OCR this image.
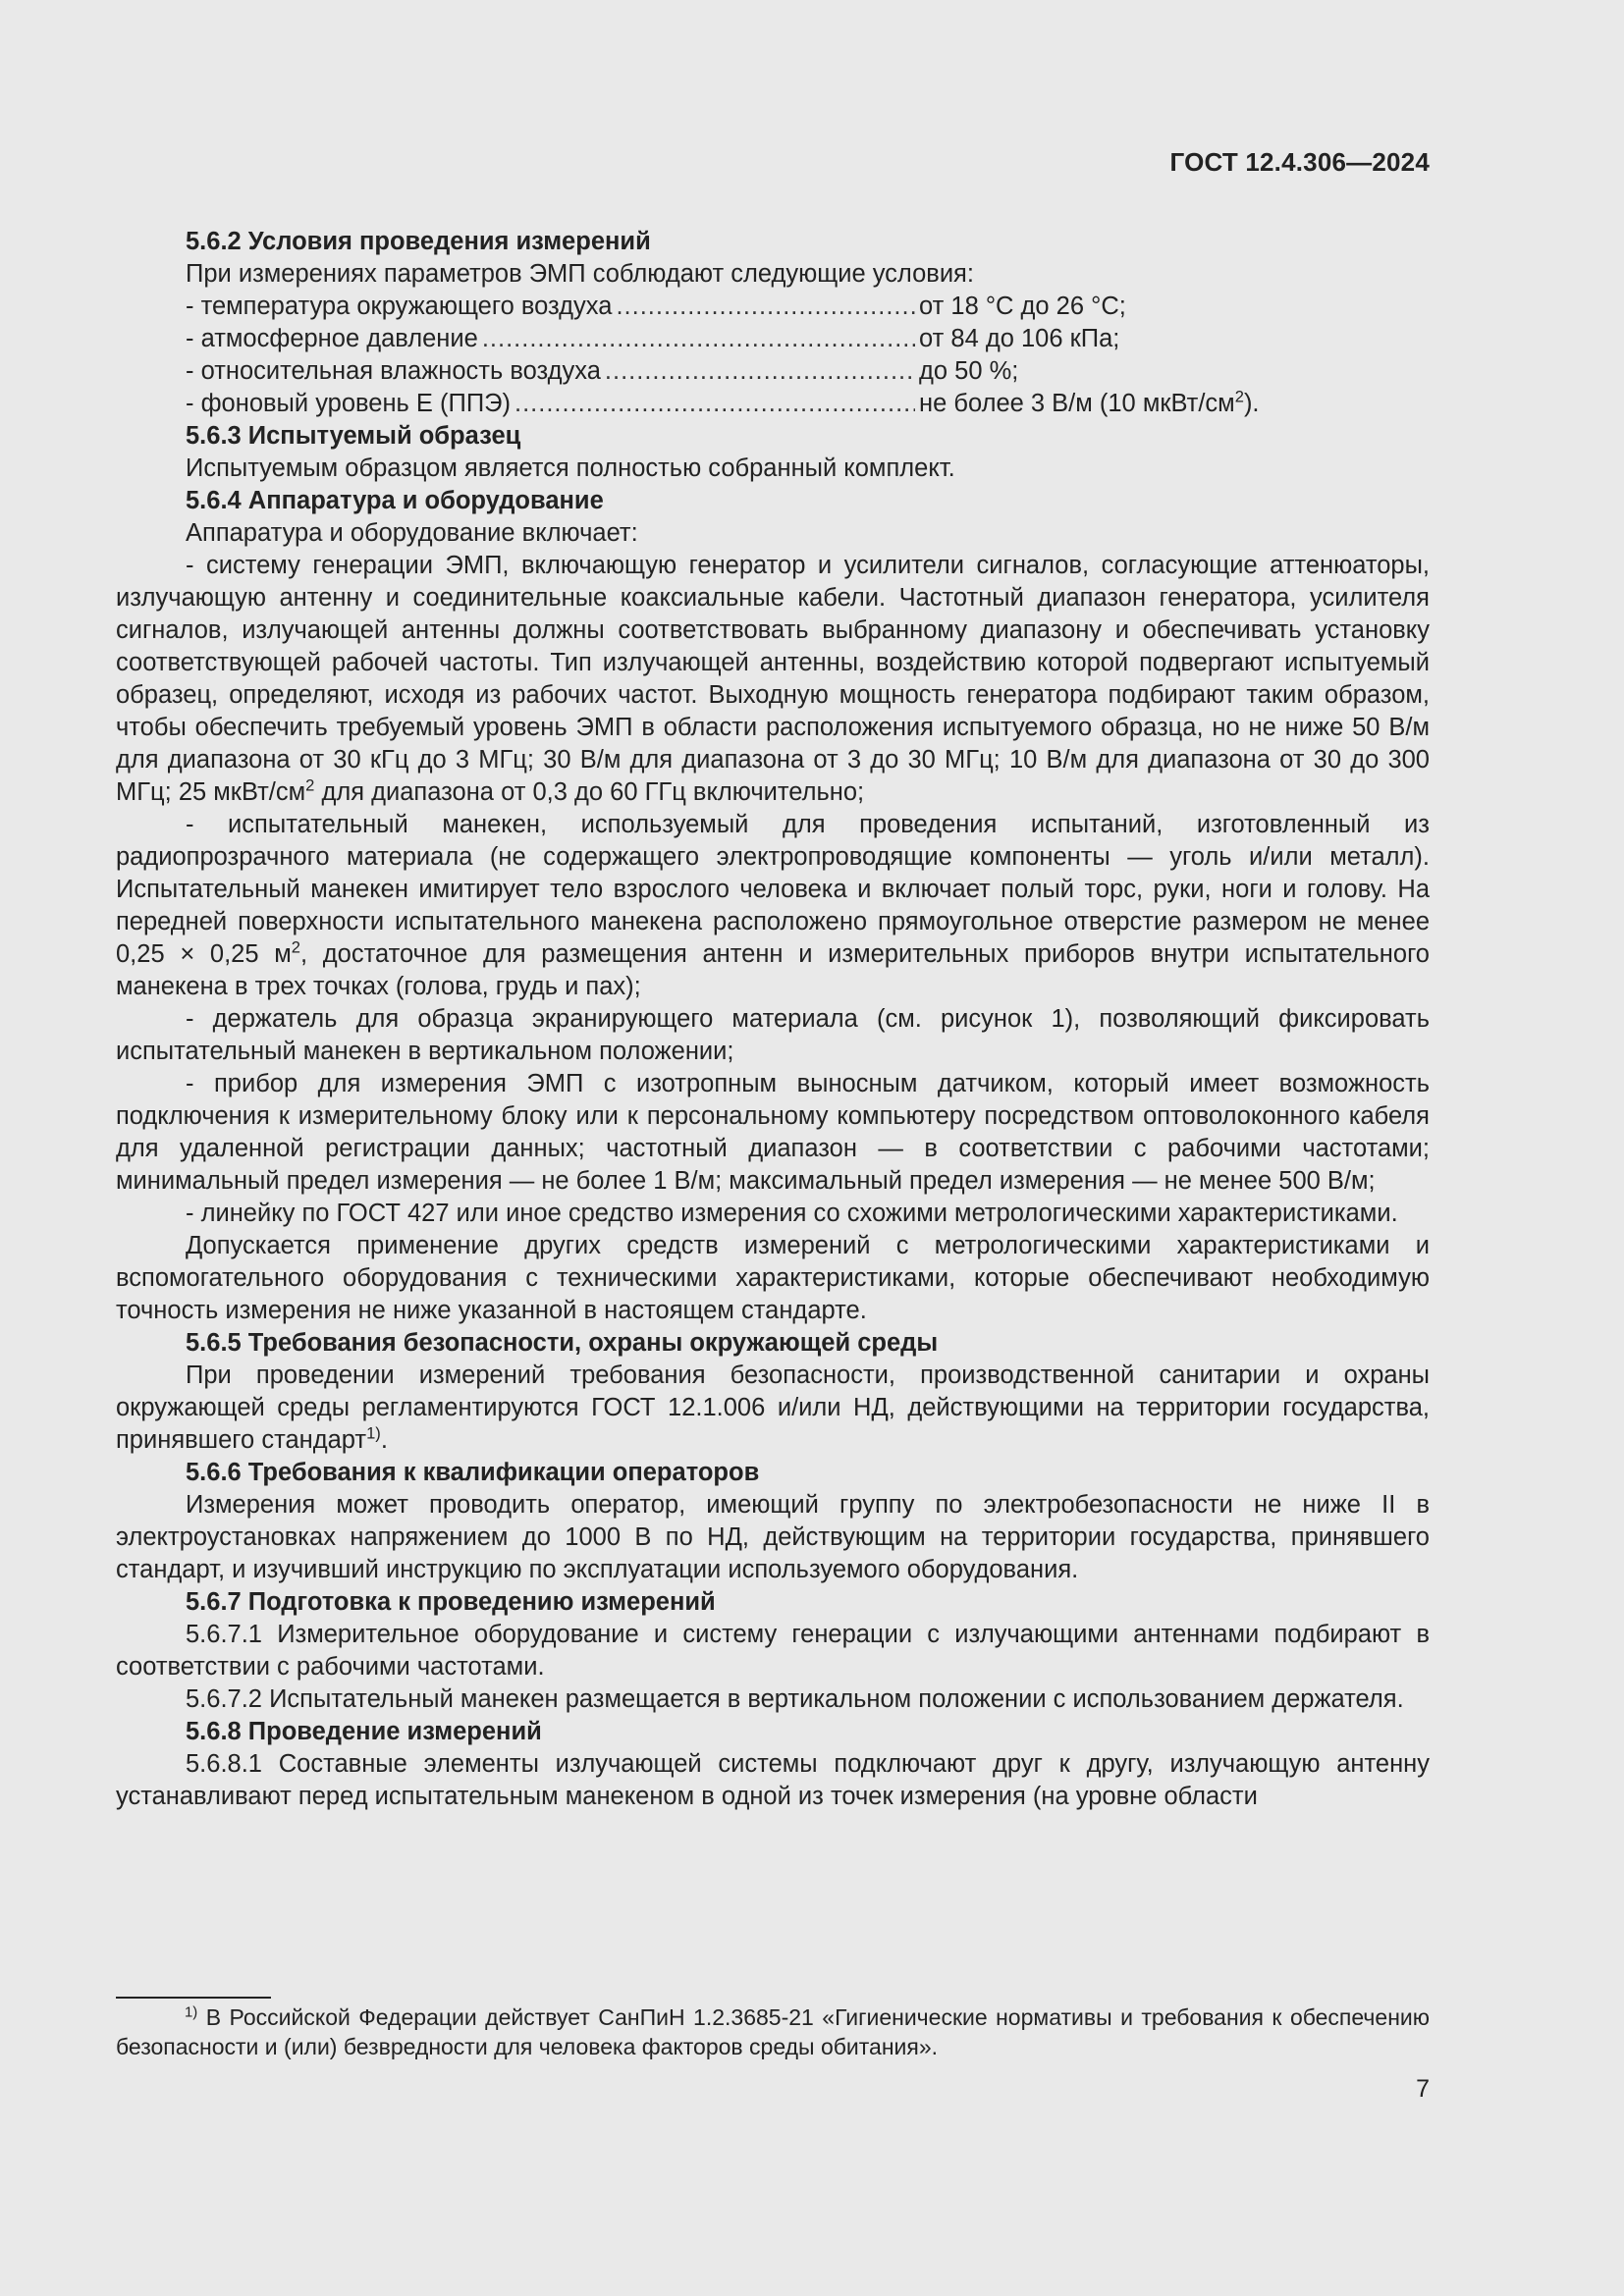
ГОСТ 12.4.306—2024
5.6.2 Условия проведения измерений
При измерениях параметров ЭМП соблюдают следующие условия:
- температура окружающего воздуха .....	от 18 °С до 26 °С;
- атмосферное давление .....	от 84 до 106 кПа;
- относительная влажность воздуха .....	до 50 %;
- фоновый уровень Е (ППЭ) .....	не более 3 В/м (10 мкВт/$см^2$).
5.6.3 Испытуемый образец
Испытуемым образцом является полностью собранный комплект.
5.6.4 Аппаратура и оборудование
Аппаратура и оборудование включает:

- систему генерации ЭМП, включающую генератор и усилители сигналов, согласующие аттенюаторы, излучающую антенну и соединительные коаксиальные кабели. Частотный диапазон генератора, усилителя сигналов, излучающей антенны должны соответствовать выбранному диапазону и обеспечивать установку соответствующей рабочей частоты. Тип излучающей антенны, воздействию которой подвергают испытуемый образец, определяют, исходя из рабочих частот. Выходную мощность генератора подбирают таким образом, чтобы обеспечить требуемый уровень ЭМП в области расположения испытуемого образца, но не ниже 50 В/м для диапазона от 30 кГц до 3 МГц; 30 В/м для диапазона от 3 до 30 МГц; 10 В/м для диапазона от 30 до 300 МГц; 25 мкВт/$см^2$ для диапазона от 0,3 до 60 ГГц включительно;

- испытательный манекен, используемый для проведения испытаний, изготовленный из радиопрозрачного материала (не содержащего электропроводящие компоненты — уголь и/или металл). Испытательный манекен имитирует тело взрослого человека и включает полый торс, руки, ноги и голову. На передней поверхности испытательного манекена расположено прямоугольное отверстие размером не менее 0,25 × 0,25 $м^2$, достаточное для размещения антенн и измерительных приборов внутри испытательного манекена в трех точках (голова, грудь и пах);

- держатель для образца экранирующего материала (см. рисунок 1), позволяющий фиксировать испытательный манекен в вертикальном положении;

- прибор для измерения ЭМП с изотропным выносным датчиком, который имеет возможность подключения к измерительному блоку или к персональному компьютеру посредством оптоволоконного кабеля для удаленной регистрации данных; частотный диапазон — в соответствии с рабочими частотами; минимальный предел измерения — не более 1 В/м; максимальный предел измерения — не менее 500 В/м;

- линейку по ГОСТ 427 или иное средство измерения со схожими метрологическими характеристиками.

Допускается применение других средств измерений с метрологическими характеристиками и вспомогательного оборудования с техническими характеристиками, которые обеспечивают необходимую точность измерения не ниже указанной в настоящем стандарте.

5.6.5 Требования безопасности, охраны окружающей среды

При проведении измерений требования безопасности, производственной санитарии и охраны окружающей среды регламентируются ГОСТ 12.1.006 и/или НД, действующими на территории государства, принявшего стандарт$^{1)}$.

5.6.6 Требования к квалификации операторов

Измерения может проводить оператор, имеющий группу по электробезопасности не ниже II в электроустановках напряжением до 1000 В по НД, действующим на территории государства, принявшего стандарт, и изучивший инструкцию по эксплуатации используемого оборудования.

5.6.7 Подготовка к проведению измерений

5.6.7.1 Измерительное оборудование и систему генерации с излучающими антеннами подбирают в соответствии с рабочими частотами.

5.6.7.2 Испытательный манекен размещается в вертикальном положении с использованием держателя.

5.6.8 Проведение измерений

5.6.8.1 Составные элементы излучающей системы подключают друг к другу, излучающую антенну устанавливают перед испытательным манекеном в одной из точек измерения (на уровне области

$^{1)}$ В Российской Федерации действует СанПиН 1.2.3685-21 «Гигиенические нормативы и требования к обеспечению безопасности и (или) безвредности для человека факторов среды обитания».
7
